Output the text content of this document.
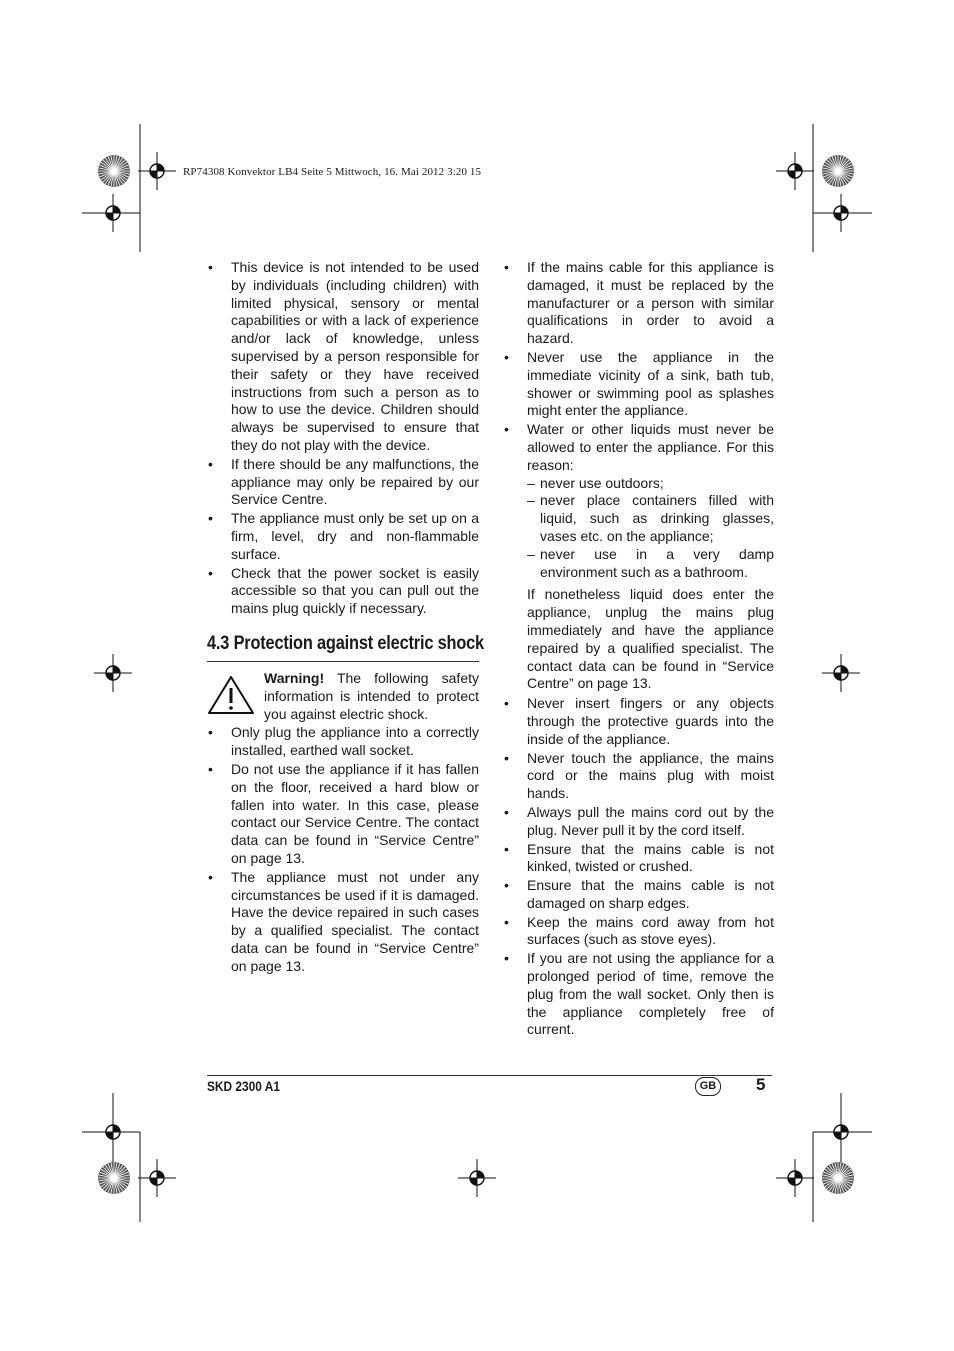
RP74308 Konvektor LB4 Seite 5 Mittwoch, 16. Mai 2012 3:20 15
• This device is not intended to be used by individuals (including children) with limited physical, sensory or mental capabilities or with a lack of experience and/or lack of knowledge, unless supervised by a person responsible for their safety or they have received instructions from such a person as to how to use the device. Children should always be supervised to ensure that they do not play with the device.
• If there should be any malfunctions, the appliance may only be repaired by our Service Centre.
• The appliance must only be set up on a firm, level, dry and non-flammable surface.
• Check that the power socket is easily accessible so that you can pull out the mains plug quickly if necessary.
4.3 Protection against electric shock
Warning! The following safety information is intended to protect you against electric shock.
• Only plug the appliance into a correctly installed, earthed wall socket.
• Do not use the appliance if it has fallen on the floor, received a hard blow or fallen into water. In this case, please contact our Service Centre. The contact data can be found in “Service Centre” on page 13.
• The appliance must not under any circumstances be used if it is damaged. Have the device repaired in such cases by a qualified specialist. The contact data can be found in “Service Centre” on page 13.
• If the mains cable for this appliance is damaged, it must be replaced by the manufacturer or a person with similar qualifications in order to avoid a hazard.
• Never use the appliance in the immediate vicinity of a sink, bath tub, shower or swimming pool as splashes might enter the appliance.
• Water or other liquids must never be allowed to enter the appliance. For this reason:
– never use outdoors;
– never place containers filled with liquid, such as drinking glasses, vases etc. on the appliance;
– never use in a very damp environment such as a bathroom.

If nonetheless liquid does enter the appliance, unplug the mains plug immediately and have the appliance repaired by a qualified specialist. The contact data can be found in “Service Centre” on page 13.

• Never insert fingers or any objects through the protective guards into the inside of the appliance.
• Never touch the appliance, the mains cord or the mains plug with moist hands.
• Always pull the mains cord out by the plug. Never pull it by the cord itself.
• Ensure that the mains cable is not kinked, twisted or crushed.
• Ensure that the mains cable is not damaged on sharp edges.
• Keep the mains cord away from hot surfaces (such as stove eyes).
• If you are not using the appliance for a prolonged period of time, remove the plug from the wall socket. Only then is the appliance completely free of current.
SKD 2300 A1	GB 5
